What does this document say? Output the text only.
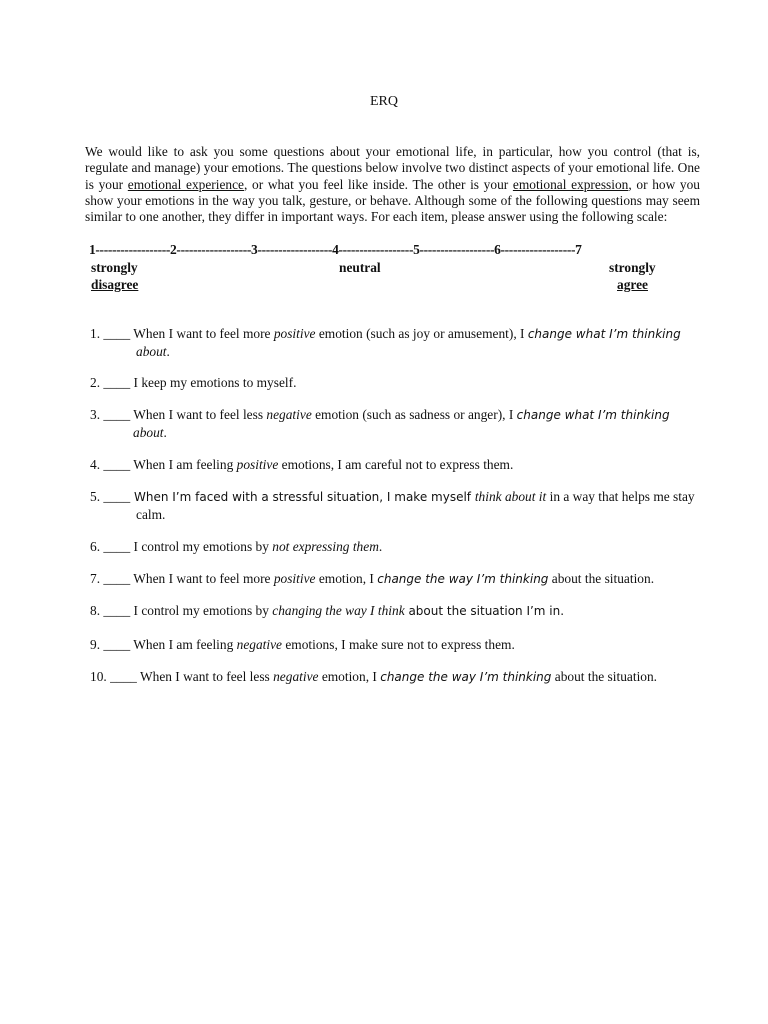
ERQ

We would like to ask you some questions about your emotional life, in particular, how you control (that is, regulate and manage) your emotions. The questions below involve two distinct aspects of your emotional life. One is your emotional experience, or what you feel like inside. The other is your emotional expression, or how you show your emotions in the way you talk, gesture, or behave. Although some of the following questions may seem similar to one another, they differ in important ways. For each item, please answer using the following scale:

1------------------2------------------3------------------4------------------5------------------6------------------7
strongly
disagree
neutral	strongly
agree
1. ____ When I want to feel more positive emotion (such as joy or amusement), I change what I’m thinking
about.
2. ____ I keep my emotions to myself.
3. ____ When I want to feel less negative emotion (such as sadness or anger), I change what I’m thinking
about.
4. ____ When I am feeling positive emotions, I am careful not to express them.
5. ____ When I’m faced with a stressful situation, I make myself think about it in a way that helps me stay
calm.
6. ____ I control my emotions by not expressing them.
7. ____ When I want to feel more positive emotion, I change the way I’m thinking about the situation.
8. ____ I control my emotions by changing the way I think about the situation I’m in.
9. ____ When I am feeling negative emotions, I make sure not to express them.
10. ____ When I want to feel less negative emotion, I change the way I’m thinking about the situation.
